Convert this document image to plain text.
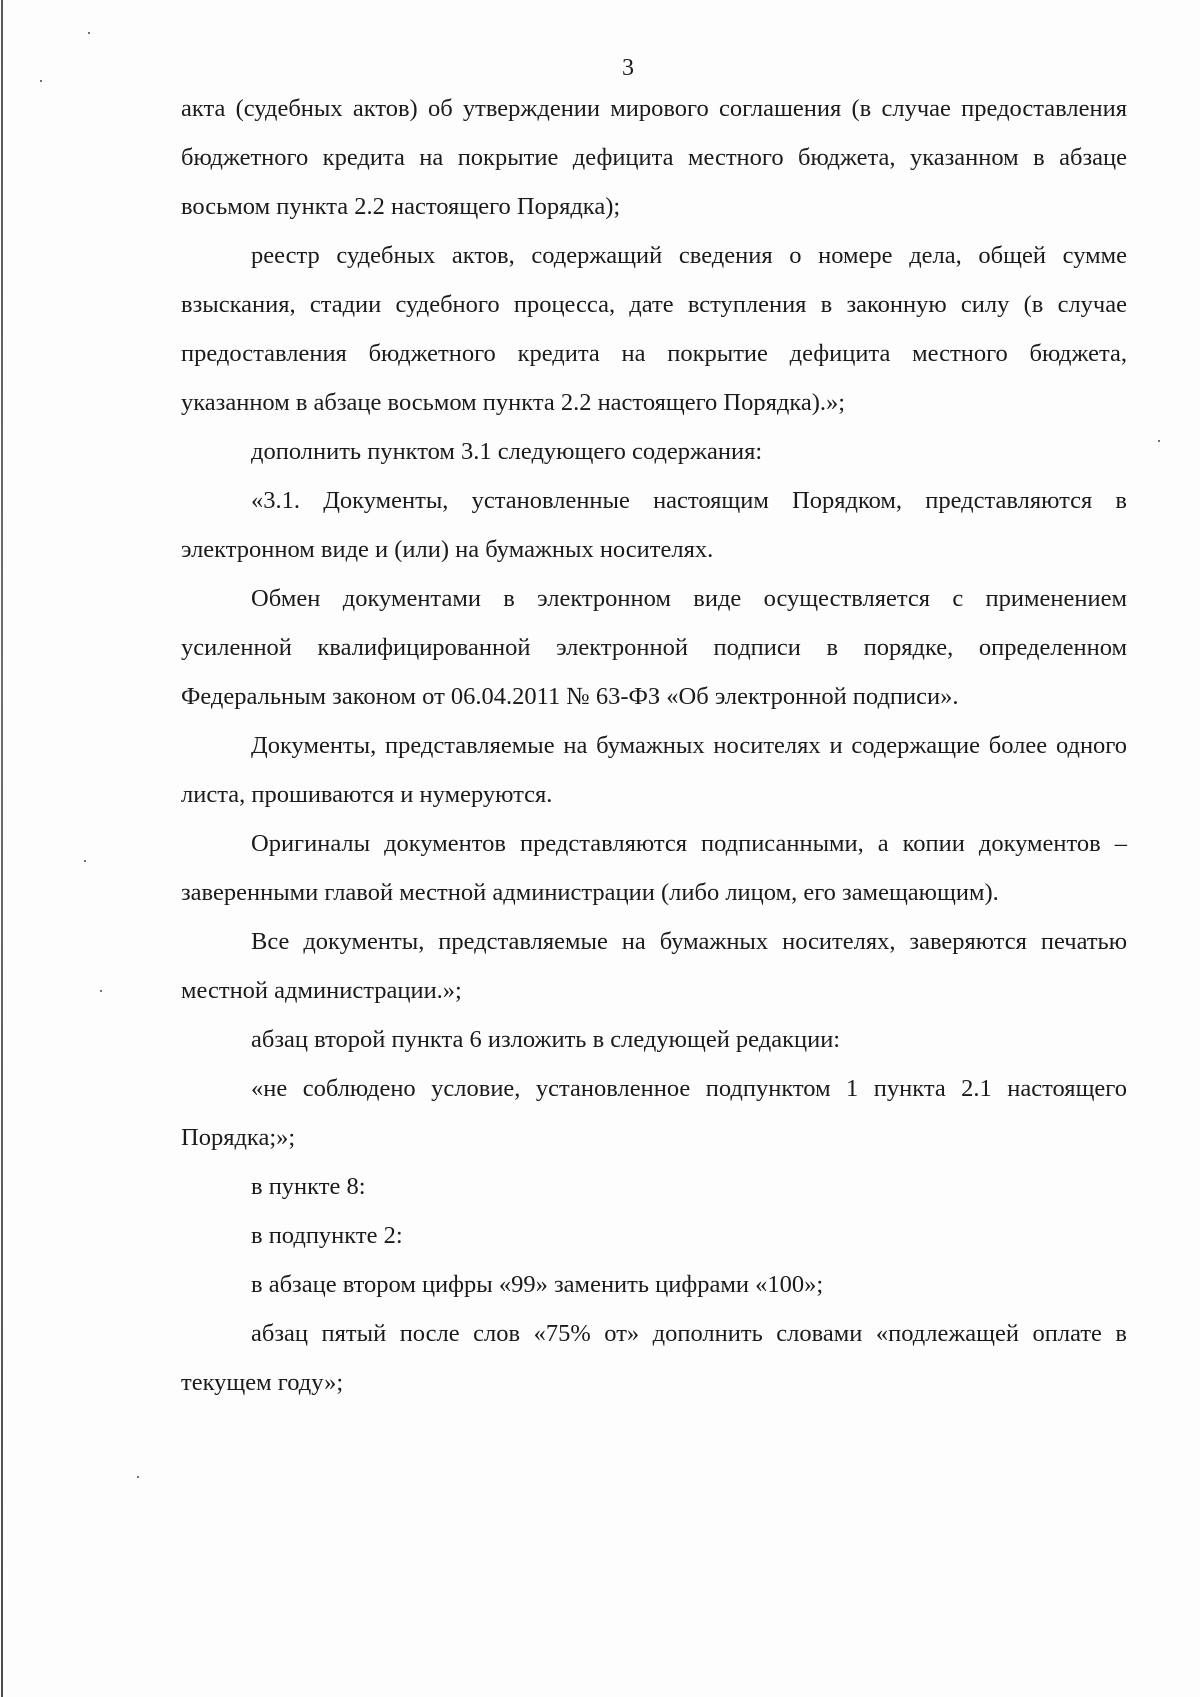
3

акта (судебных актов) об утверждении мирового соглашения (в случае предоставления бюджетного кредита на покрытие дефицита местного бюджета, указанном в абзаце восьмом пункта 2.2 настоящего Порядка);

реестр судебных актов, содержащий сведения о номере дела, общей сумме взыскания, стадии судебного процесса, дате вступления в законную силу (в случае предоставления бюджетного кредита на покрытие дефицита местного бюджета, указанном в абзаце восьмом пункта 2.2 настоящего Порядка).»;

дополнить пунктом 3.1 следующего содержания:

«3.1. Документы, установленные настоящим Порядком, представляются в электронном виде и (или) на бумажных носителях.

Обмен документами в электронном виде осуществляется с применением усиленной квалифицированной электронной подписи в порядке, определенном Федеральным законом от 06.04.2011 № 63-ФЗ «Об электронной подписи».

Документы, представляемые на бумажных носителях и содержащие более одного листа, прошиваются и нумеруются.

Оригиналы документов представляются подписанными, а копии документов – заверенными главой местной администрации (либо лицом, его замещающим).

Все документы, представляемые на бумажных носителях, заверяются печатью местной администрации.»;

абзац второй пункта 6 изложить в следующей редакции:

«не соблюдено условие, установленное подпунктом 1 пункта 2.1 настоящего Порядка;»;

в пункте 8:

в подпункте 2:

в абзаце втором цифры «99» заменить цифрами «100»;

абзац пятый после слов «75% от» дополнить словами «подлежащей оплате в текущем году»;
